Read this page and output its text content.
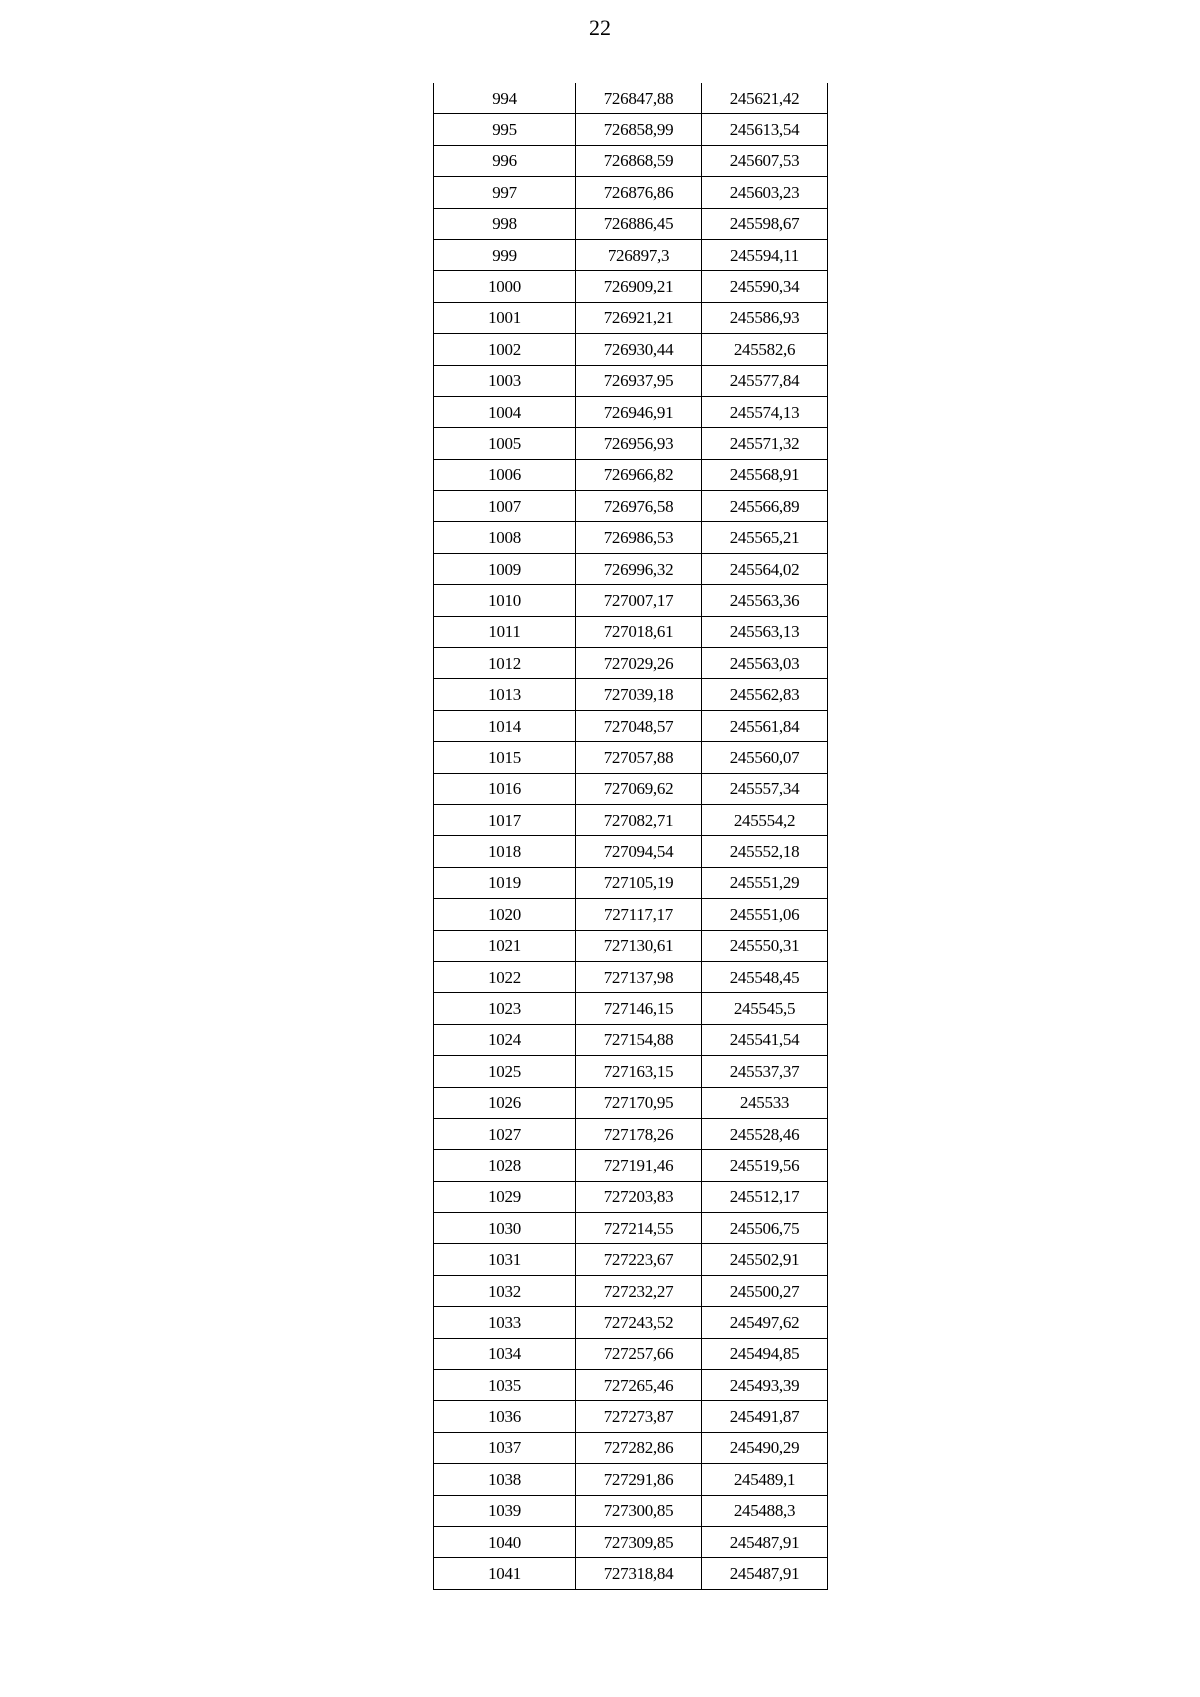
22
994	726847,88	245621,42
995	726858,99	245613,54
996	726868,59	245607,53
997	726876,86	245603,23
998	726886,45	245598,67
999	726897,3	245594,11
1000	726909,21	245590,34
1001	726921,21	245586,93
1002	726930,44	245582,6
1003	726937,95	245577,84
1004	726946,91	245574,13
1005	726956,93	245571,32
1006	726966,82	245568,91
1007	726976,58	245566,89
1008	726986,53	245565,21
1009	726996,32	245564,02
1010	727007,17	245563,36
1011	727018,61	245563,13
1012	727029,26	245563,03
1013	727039,18	245562,83
1014	727048,57	245561,84
1015	727057,88	245560,07
1016	727069,62	245557,34
1017	727082,71	245554,2
1018	727094,54	245552,18
1019	727105,19	245551,29
1020	727117,17	245551,06
1021	727130,61	245550,31
1022	727137,98	245548,45
1023	727146,15	245545,5
1024	727154,88	245541,54
1025	727163,15	245537,37
1026	727170,95	245533
1027	727178,26	245528,46
1028	727191,46	245519,56
1029	727203,83	245512,17
1030	727214,55	245506,75
1031	727223,67	245502,91
1032	727232,27	245500,27
1033	727243,52	245497,62
1034	727257,66	245494,85
1035	727265,46	245493,39
1036	727273,87	245491,87
1037	727282,86	245490,29
1038	727291,86	245489,1
1039	727300,85	245488,3
1040	727309,85	245487,91
1041	727318,84	245487,91
